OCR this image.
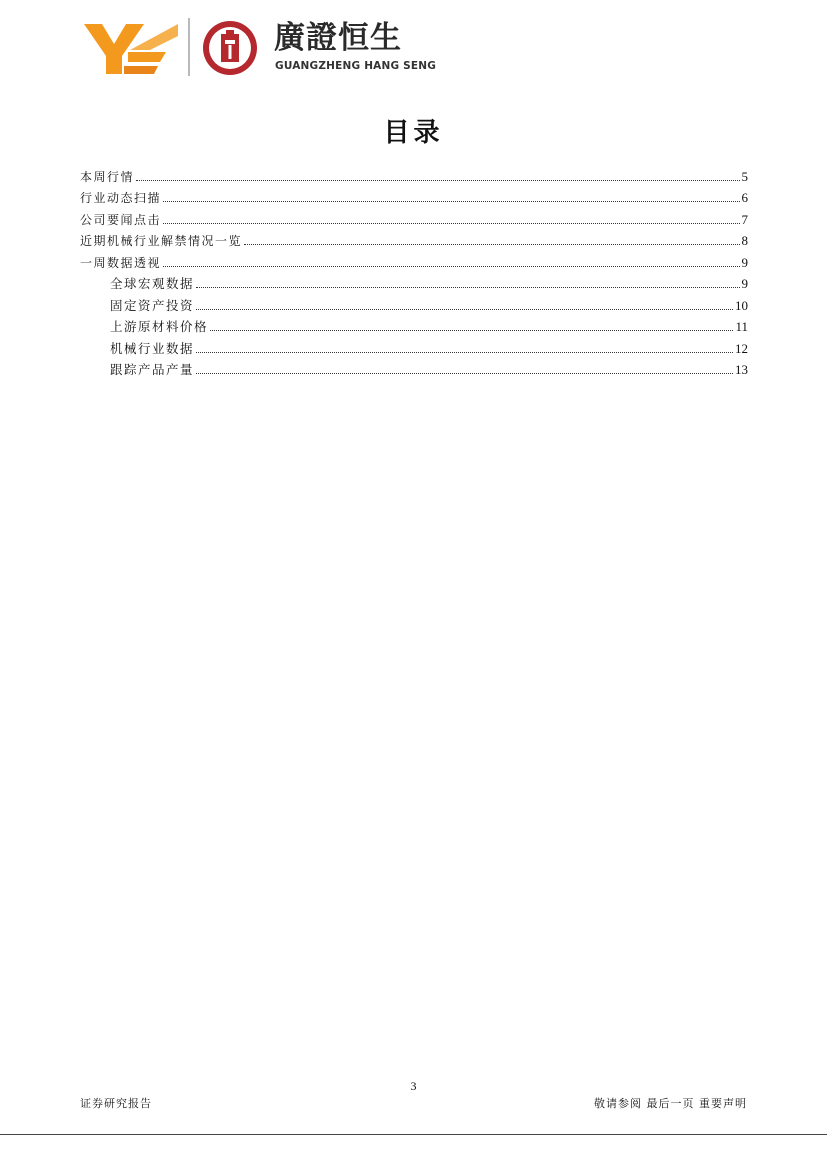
廣證恒生
GUANGZHENG HANG SENG
目录
本周行情	5
行业动态扫描	6
公司要闻点击	7
近期机械行业解禁情况一览	8
一周数据透视	9
全球宏观数据	9
固定资产投资	10
上游原材料价格	11
机械行业数据	12
跟踪产品产量	13
3
证券研究报告	敬请参阅 最后一页 重要声明
